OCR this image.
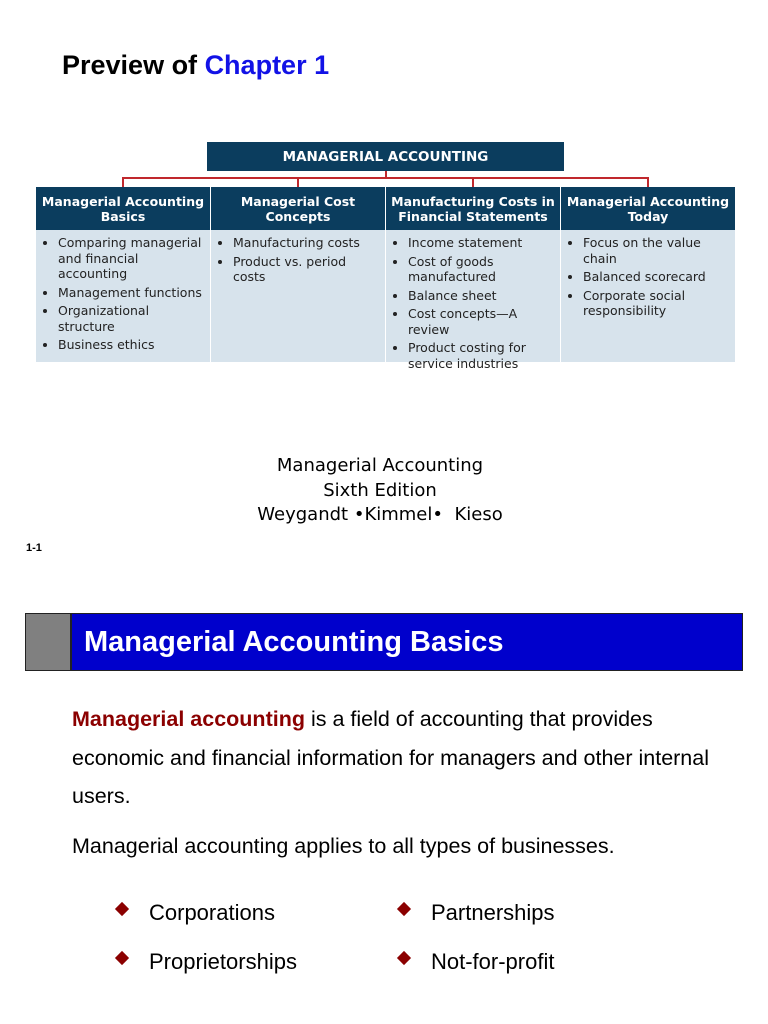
Preview of Chapter 1
MANAGERIAL ACCOUNTING
Managerial Accounting Basics
• Comparing managerial and financial accounting
• Management functions
• Organizational structure
• Business ethics
Managerial Cost Concepts
• Manufacturing costs
• Product vs. period costs
Manufacturing Costs in Financial Statements
• Income statement
• Cost of goods manufactured
• Balance sheet
• Cost concepts—A review
• Product costing for service industries
Managerial Accounting Today
• Focus on the value chain
• Balanced scorecard
• Corporate social responsibility
Managerial Accounting
Sixth Edition
Weygandt •Kimmel•  Kieso
1-1
Managerial Accounting Basics
Managerial accounting is a field of accounting that provides economic and financial information for managers and other internal users.
Managerial accounting applies to all types of businesses.
Corporations	Partnerships
Proprietorships	Not-for-profit
